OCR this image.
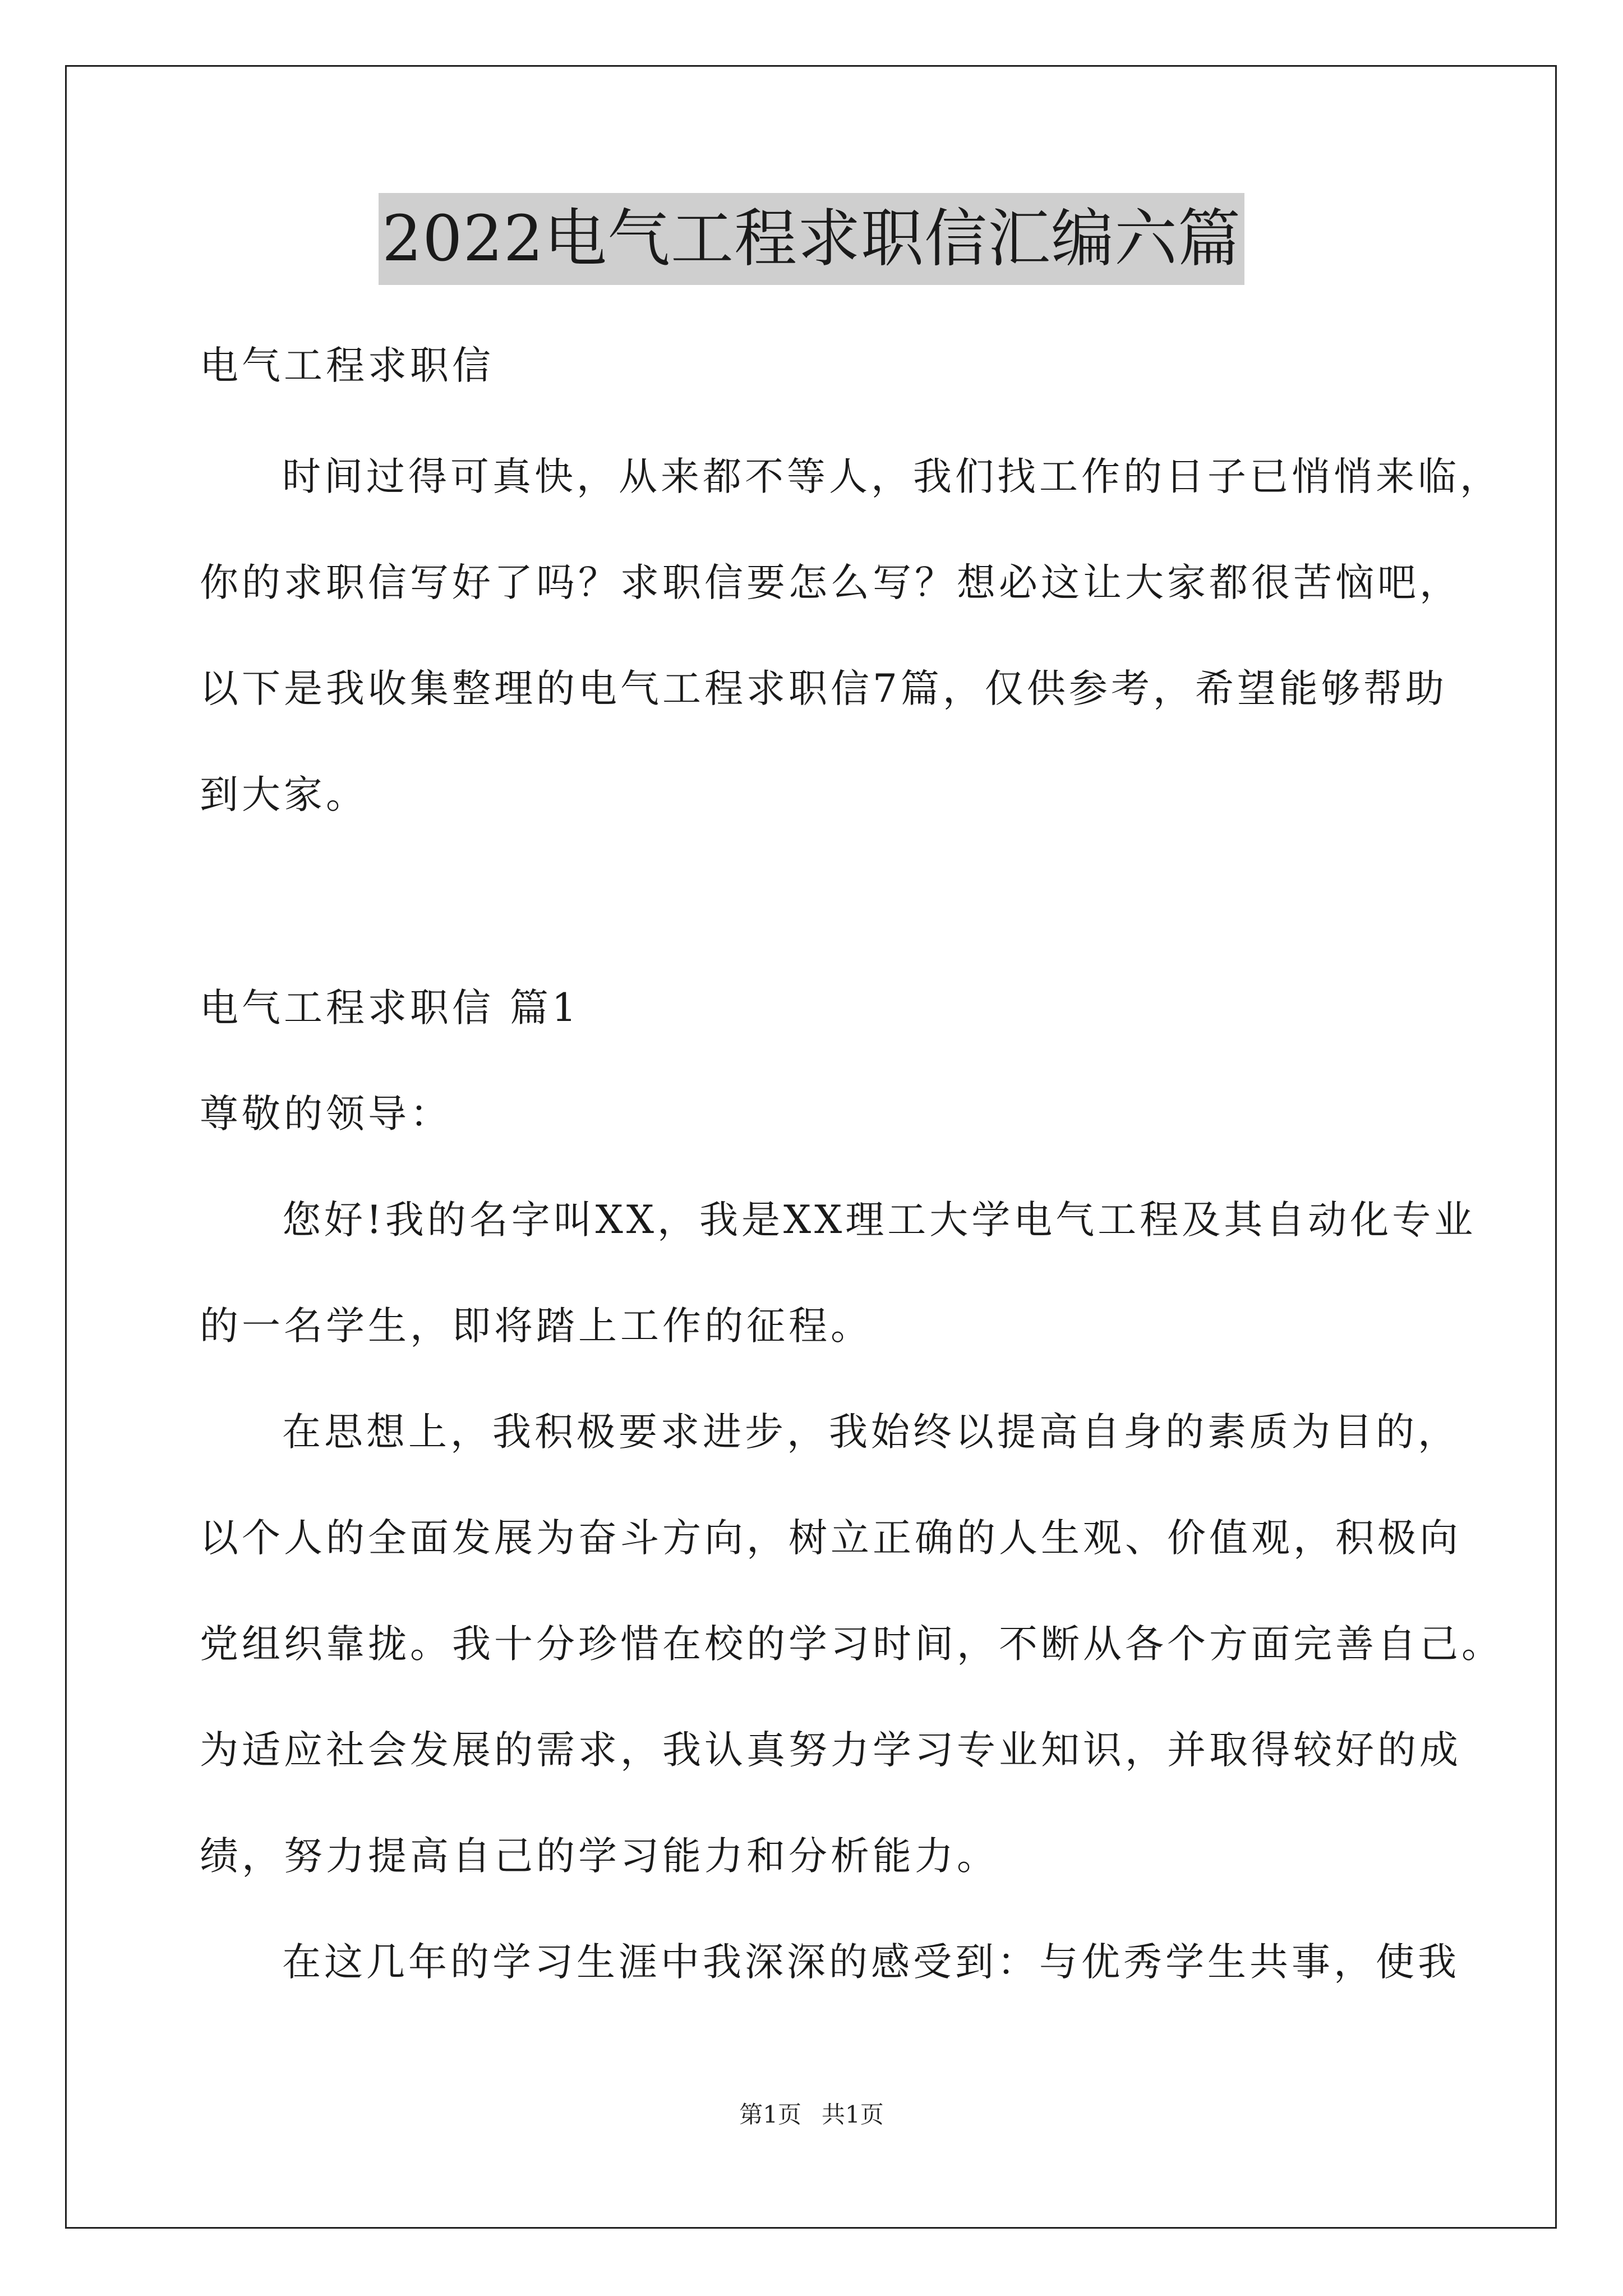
2022电气工程求职信汇编六篇
电气工程求职信
时间过得可真快，从来都不等人，我们找工作的日子已悄悄来临，
你的求职信写好了吗？求职信要怎么写？想必这让大家都很苦恼吧，
以下是我收集整理的电气工程求职信7篇，仅供参考，希望能够帮助
到大家。
电气工程求职信 篇1
尊敬的领导：
您好!我的名字叫XX，我是XX理工大学电气工程及其自动化专业
的一名学生，即将踏上工作的征程。
在思想上，我积极要求进步，我始终以提高自身的素质为目的，
以个人的全面发展为奋斗方向，树立正确的人生观、价值观，积极向
党组织靠拢。我十分珍惜在校的学习时间，不断从各个方面完善自己。
为适应社会发展的需求，我认真努力学习专业知识，并取得较好的成
绩，努力提高自己的学习能力和分析能力。
在这几年的学习生涯中我深深的感受到：与优秀学生共事，使我
第1页 共1页
